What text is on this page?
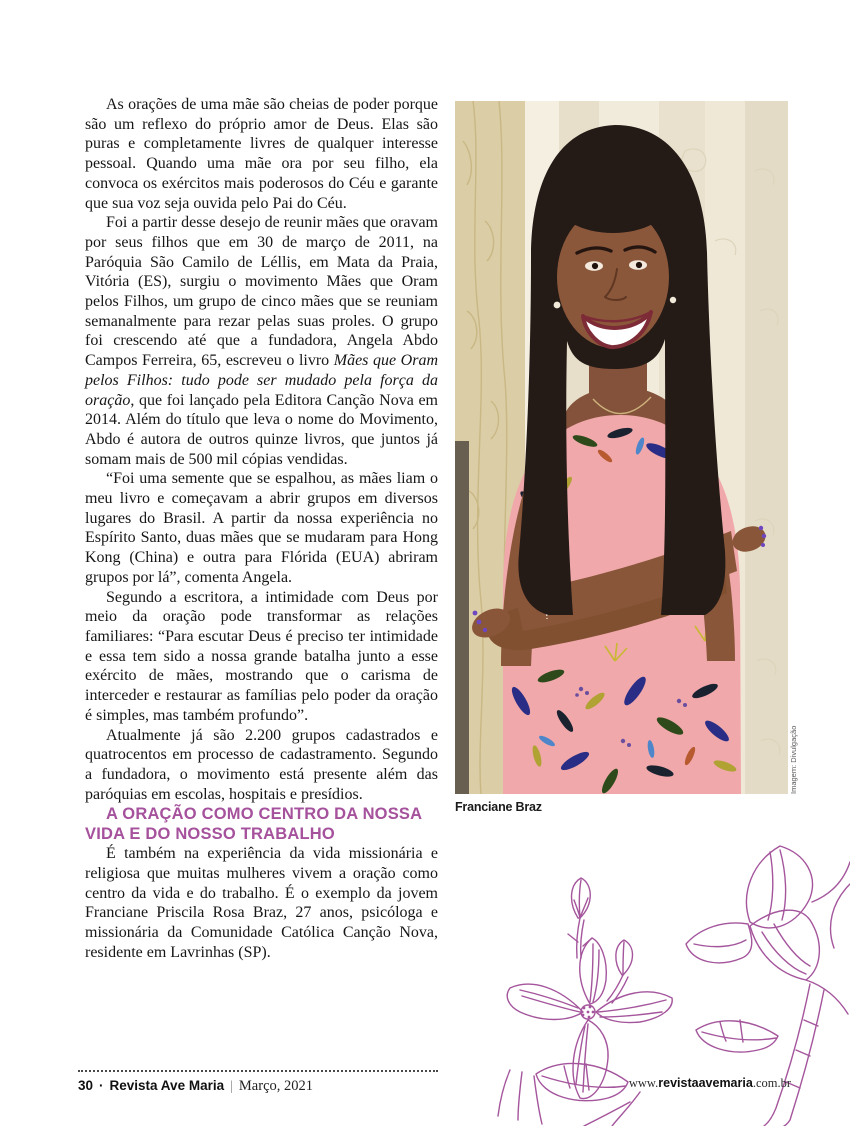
As orações de uma mãe são cheias de poder porque são um reflexo do próprio amor de Deus. Elas são puras e completamente livres de qualquer interesse pessoal. Quando uma mãe ora por seu filho, ela convoca os exércitos mais poderosos do Céu e garante que sua voz seja ouvida pelo Pai do Céu.

Foi a partir desse desejo de reunir mães que oravam por seus filhos que em 30 de março de 2011, na Paróquia São Camilo de Léllis, em Mata da Praia, Vitória (ES), surgiu o movimento Mães que Oram pelos Filhos, um grupo de cinco mães que se reuniam semanalmente para rezar pelas suas proles. O grupo foi crescendo até que a fundadora, Angela Abdo Campos Ferreira, 65, escreveu o livro Mães que Oram pelos Filhos: tudo pode ser mudado pela força da oração, que foi lançado pela Editora Canção Nova em 2014. Além do título que leva o nome do Movimento, Abdo é autora de outros quinze livros, que juntos já somam mais de 500 mil cópias vendidas.

“Foi uma semente que se espalhou, as mães liam o meu livro e começavam a abrir grupos em diversos lugares do Brasil. A partir da nossa experiência no Espírito Santo, duas mães que se mudaram para Hong Kong (China) e outra para Flórida (EUA) abriram grupos por lá”, comenta Angela.

Segundo a escritora, a intimidade com Deus por meio da oração pode transformar as relações familiares: “Para escutar Deus é preciso ter intimidade e essa tem sido a nossa grande batalha junto a esse exército de mães, mostrando que o carisma de interceder e restaurar as famílias pelo poder da oração é simples, mas também profundo”.

Atualmente já são 2.200 grupos cadastrados e quatrocentos em processo de cadastramento. Segundo a fundadora, o movimento está presente além das paróquias em escolas, hospitais e presídios.

A ORAÇÃO COMO CENTRO DA NOSSA VIDA E DO NOSSO TRABALHO

É também na experiência da vida missionária e religiosa que muitas mulheres vivem a oração como centro da vida e do trabalho. É o exemplo da jovem Franciane Priscila Rosa Braz, 27 anos, psicóloga e missionária da Comunidade Católica Canção Nova, residente em Lavrinhas (SP).

Franciane Braz
Imagem: Divulgação
30 · Revista Ave Maria | Março, 2021	www.revistaavemaria.com.br
